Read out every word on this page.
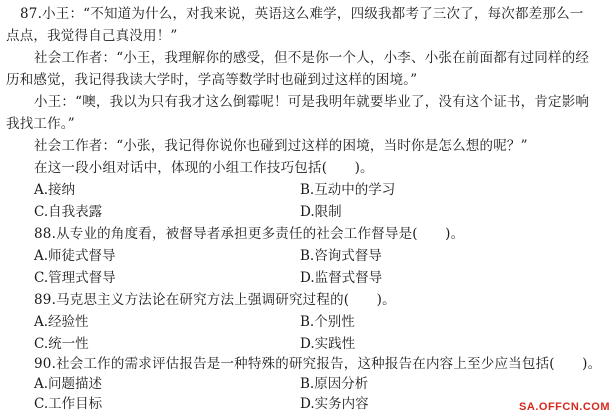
87.小王：“不知道为什么，对我来说，英语这么难学，四级我都考了三次了，每次都差那么一
点点，我觉得自己真没用！”
社会工作者：“小王，我理解你的感受，但不是你一个人，小李、小张在前面都有过同样的经
历和感觉，我记得我读大学时，学高等数学时也碰到过这样的困境。”
小王：“噢，我以为只有我才这么倒霉呢！可是我明年就要毕业了，没有这个证书，肯定影响
我找工作。”
社会工作者：“小张，我记得你说你也碰到过这样的困境，当时你是怎么想的呢？”
在这一段小组对话中，体现的小组工作技巧包括(　　)。
A.接纳	B.互动中的学习
C.自我表露	D.限制
88.从专业的角度看，被督导者承担更多责任的社会工作督导是(　　)。
A.师徒式督导	B.咨询式督导
C.管理式督导	D.监督式督导
89.马克思主义方法论在研究方法上强调研究过程的(　　)。
A.经验性	B.个别性
C.统一性	D.实践性
90.社会工作的需求评估报告是一种特殊的研究报告，这种报告在内容上至少应当包括(　　)。
A.问题描述	B.原因分析
C.工作目标	D.实务内容	SA.OFFCN.COM
